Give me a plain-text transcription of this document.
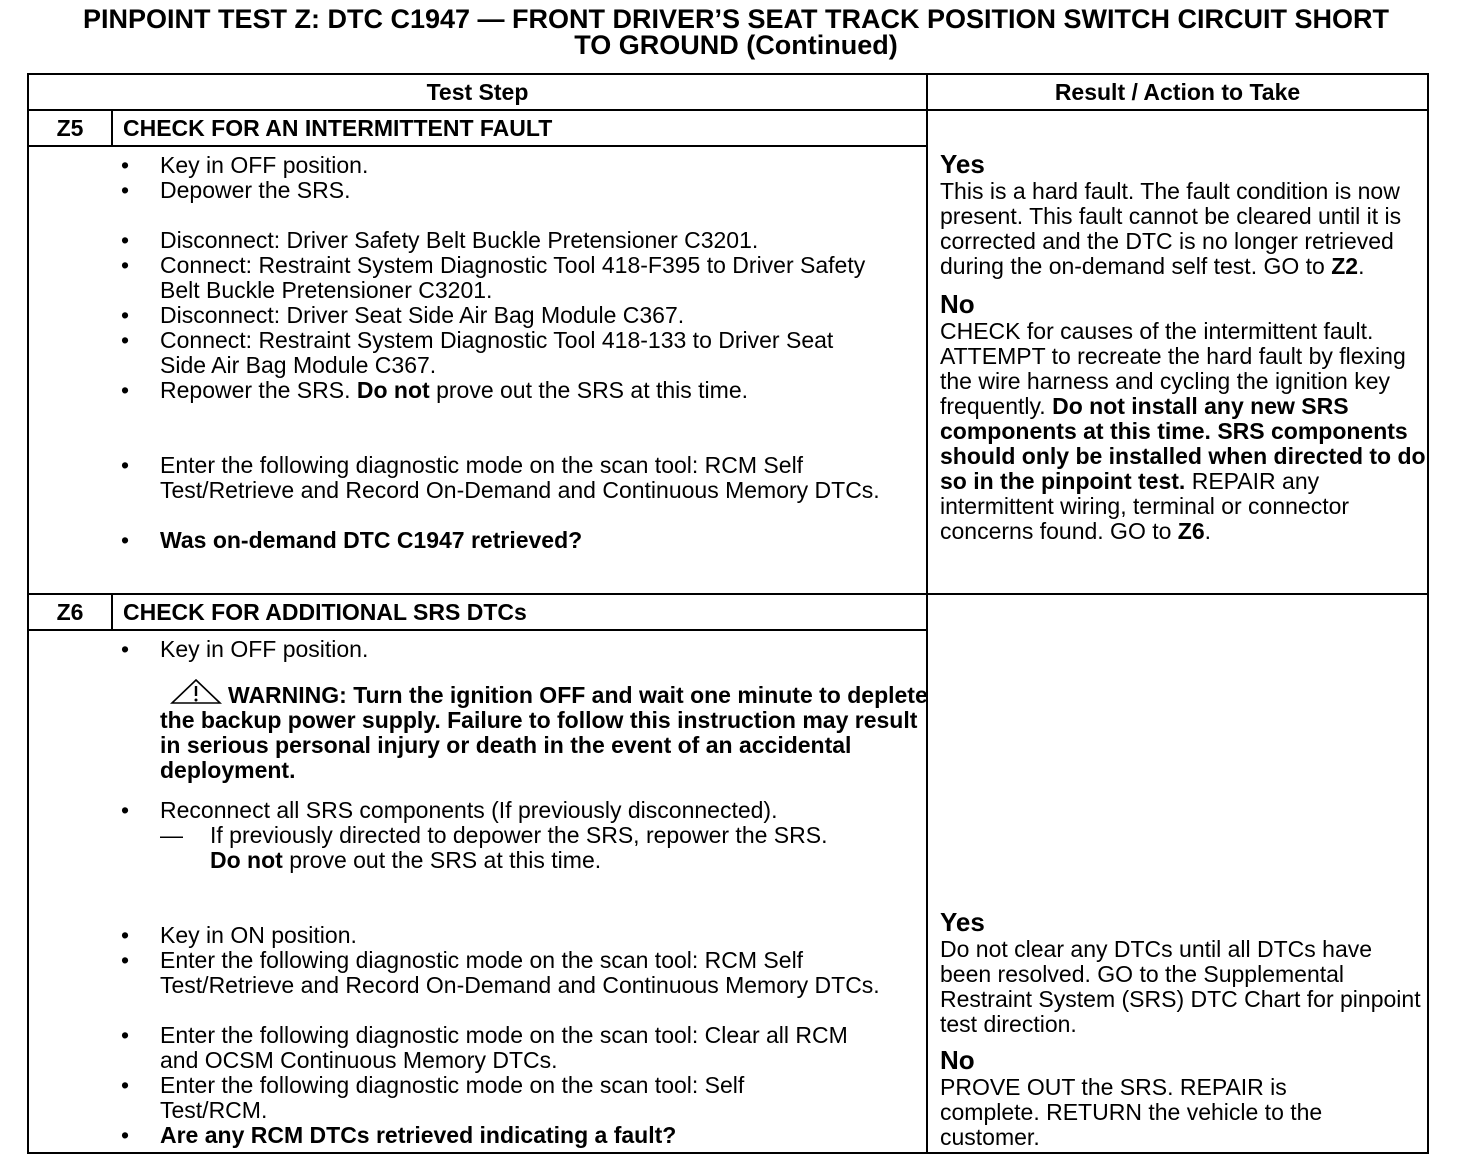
PINPOINT TEST Z: DTC C1947 — FRONT DRIVER’S SEAT TRACK POSITION SWITCH CIRCUIT SHORT
TO GROUND (Continued)
Test Step	Result / Action to Take
Z5	CHECK FOR AN INTERMITTENT FAULT
•	Key in OFF position.
•	Depower the SRS.
•	Disconnect: Driver Safety Belt Buckle Pretensioner C3201.
•	Connect: Restraint System Diagnostic Tool 418-F395 to Driver Safety Belt Buckle Pretensioner C3201.
•	Disconnect: Driver Seat Side Air Bag Module C367.
•	Connect: Restraint System Diagnostic Tool 418-133 to Driver Seat Side Air Bag Module C367.
•	Repower the SRS. Do not prove out the SRS at this time.
•	Enter the following diagnostic mode on the scan tool: RCM Self Test/Retrieve and Record On-Demand and Continuous Memory DTCs.
•	Was on-demand DTC C1947 retrieved?
Yes
This is a hard fault. The fault condition is now present. This fault cannot be cleared until it is corrected and the DTC is no longer retrieved during the on-demand self test. GO to Z2.
No
CHECK for causes of the intermittent fault. ATTEMPT to recreate the hard fault by flexing the wire harness and cycling the ignition key frequently. Do not install any new SRS components at this time. SRS components should only be installed when directed to do so in the pinpoint test. REPAIR any intermittent wiring, terminal or connector concerns found. GO to Z6.
Z6	CHECK FOR ADDITIONAL SRS DTCs
•	Key in OFF position.
WARNING: Turn the ignition OFF and wait one minute to deplete the backup power supply. Failure to follow this instruction may result in serious personal injury or death in the event of an accidental deployment.
•	Reconnect all SRS components (If previously disconnected).
— If previously directed to depower the SRS, repower the SRS. Do not prove out the SRS at this time.
•	Key in ON position.
•	Enter the following diagnostic mode on the scan tool: RCM Self Test/Retrieve and Record On-Demand and Continuous Memory DTCs.
•	Enter the following diagnostic mode on the scan tool: Clear all RCM and OCSM Continuous Memory DTCs.
•	Enter the following diagnostic mode on the scan tool: Self Test/RCM.
•	Are any RCM DTCs retrieved indicating a fault?
Yes
Do not clear any DTCs until all DTCs have been resolved. GO to the Supplemental Restraint System (SRS) DTC Chart for pinpoint test direction.
No
PROVE OUT the SRS. REPAIR is complete. RETURN the vehicle to the customer.
